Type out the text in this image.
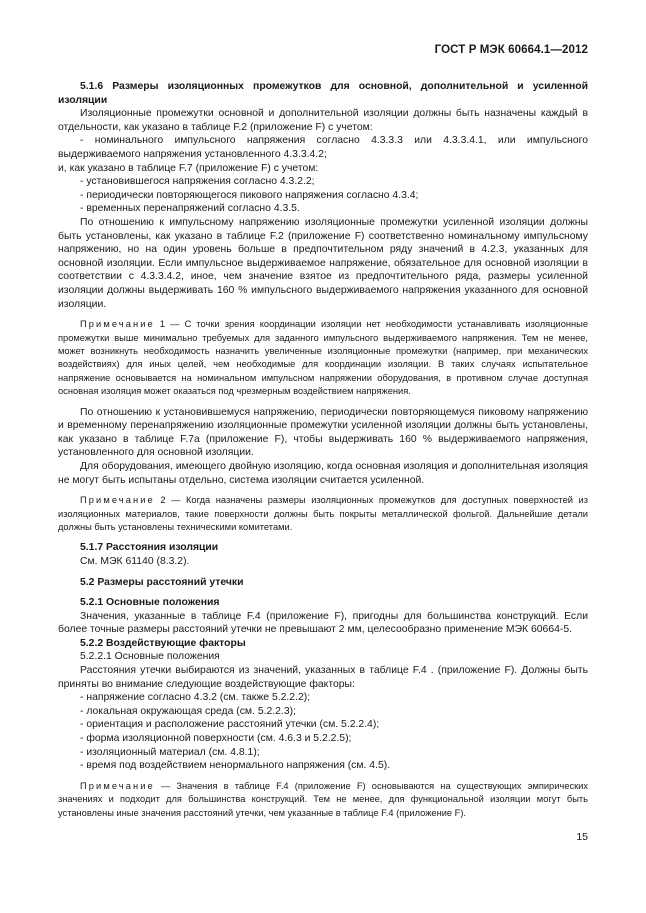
ГОСТ Р МЭК 60664.1—2012

5.1.6 Размеры изоляционных промежутков для основной, дополнительной и усиленной изоляции

Изоляционные промежутки основной и дополнительной изоляции должны быть назначены каждый в отдельности, как указано в таблице F.2 (приложение F) с учетом:

- номинального импульсного напряжения согласно 4.3.3.3 или 4.3.3.4.1, или импульсного выдерживаемого напряжения установленного 4.3.3.4.2;

и, как указано в таблице F.7 (приложение F) с учетом:

- установившегося напряжения согласно 4.3.2.2;

- периодически повторяющегося пикового напряжения согласно 4.3.4;

- временных перенапряжений согласно 4.3.5.

По отношению к импульсному напряжению изоляционные промежутки усиленной изоляции должны быть установлены, как указано в таблице F.2 (приложение F) соответственно номинальному импульсному напряжению, но на один уровень больше в предпочтительном ряду значений в 4.2.3, указанных для основной изоляции. Если импульсное выдерживаемое напряжение, обязательное для основной изоляции в соответствии с 4.3.3.4.2, иное, чем значение взятое из предпочтительного ряда, размеры усиленной изоляции должны выдерживать 160 % импульсного выдерживаемого напряжения указанного для основной изоляции.

Примечание 1 — С точки зрения координации изоляции нет необходимости устанавливать изоляционные промежутки выше минимально требуемых для заданного импульсного выдерживаемого напряжения. Тем не менее, может возникнуть необходимость назначить увеличенные изоляционные промежутки (например, при механических воздействиях) для иных целей, чем необходимые для координации изоляции. В таких случаях испытательное напряжение основывается на номинальном импульсном напряжении оборудования, в противном случае доступная основная изоляция может оказаться под чрезмерным воздействием напряжения.

По отношению к установившемуся напряжению, периодически повторяющемуся пиковому напряжению и временному перенапряжению изоляционные промежутки усиленной изоляции должны быть установлены, как указано в таблице F.7а (приложение F), чтобы выдерживать 160 % выдерживаемого напряжения, установленного для основной изоляции.

Для оборудования, имеющего двойную изоляцию, когда основная изоляция и дополнительная изоляция не могут быть испытаны отдельно, система изоляции считается усиленной.

Примечание 2 — Когда назначены размеры изоляционных промежутков для доступных поверхностей из изоляционных материалов, такие поверхности должны быть покрыты металлической фольгой. Дальнейшие детали должны быть установлены техническими комитетами.

5.1.7 Расстояния изоляции

См. МЭК 61140 (8.3.2).

5.2 Размеры расстояний утечки

5.2.1 Основные положения

Значения, указанные в таблице F.4 (приложение F), пригодны для большинства конструкций. Если более точные размеры расстояний утечки не превышают 2 мм, целесообразно применение МЭК 60664-5.

5.2.2 Воздействующие факторы

5.2.2.1 Основные положения

Расстояния утечки выбираются из значений, указанных в таблице F.4 . (приложение F). Должны быть приняты во внимание следующие воздействующие факторы:

- напряжение согласно 4.3.2 (см. также 5.2.2.2);

- локальная окружающая среда (см. 5.2.2.3);

- ориентация и расположение расстояний утечки (см. 5.2.2.4);

- форма изоляционной поверхности (см. 4.6.3 и 5.2.2.5);

- изоляционный материал (см. 4.8.1);

- время под воздействием ненормального напряжения (см. 4.5).

Примечание — Значения в таблице F.4 (приложение F) основываются на существующих эмпирических значениях и подходит для большинства конструкций. Тем не менее, для функциональной изоляции могут быть установлены иные значения расстояний утечки, чем указанные в таблице F.4 (приложение F).

15
